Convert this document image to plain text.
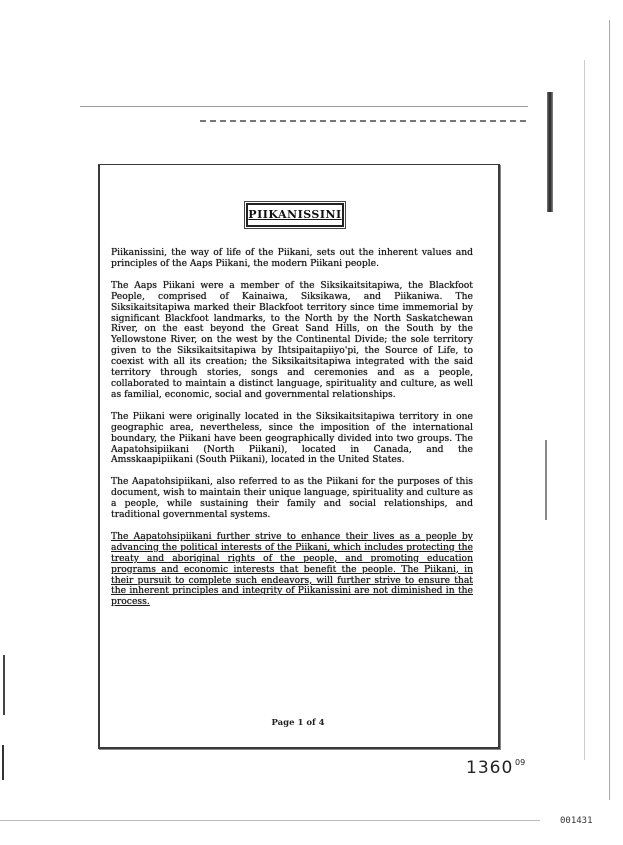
PIIKANISSINI

Piikanissini, the way of life of the Piikani, sets out the inherent values and principles of the Aaps Piikani, the modern Piikani people.

The Aaps Piikani were a member of the Siksikaitsitapiwa, the Blackfoot People, comprised of Kainaiwa, Siksikawa, and Piikaniwa. The Siksikaitsitapiwa marked their Blackfoot territory since time immemorial by significant Blackfoot landmarks, to the North by the North Saskatchewan River, on the east beyond the Great Sand Hills, on the South by the Yellowstone River, on the west by the Continental Divide; the sole territory given to the Siksikaitsitapiwa by Ihtsipaitapiiyo'pi, the Source of Life, to coexist with all its creation; the Siksikaitsitapiwa integrated with the said territory through stories, songs and ceremonies and as a people, collaborated to maintain a distinct language, spirituality and culture, as well as familial, economic, social and governmental relationships.

The Piikani were originally located in the Siksikaitsitapiwa territory in one geographic area, nevertheless, since the imposition of the international boundary, the Piikani have been geographically divided into two groups. The Aapatohsipiikani (North Piikani), located in Canada, and the Amsskaapipiikani (South Piikani), located in the United States.

The Aapatohsipiikani, also referred to as the Piikani for the purposes of this document, wish to maintain their unique language, spirituality and culture as a people, while sustaining their family and social relationships, and traditional governmental systems.

The Aapatohsipiikani further strive to enhance their lives as a people by advancing the political interests of the Piikani, which includes protecting the treaty and aboriginal rights of the people, and promoting education programs and economic interests that benefit the people. The Piikani, in their pursuit to complete such endeavors, will further strive to ensure that the inherent principles and integrity of Piikanissini are not diminished in the process.

Page 1 of 4
1360 09
001431
